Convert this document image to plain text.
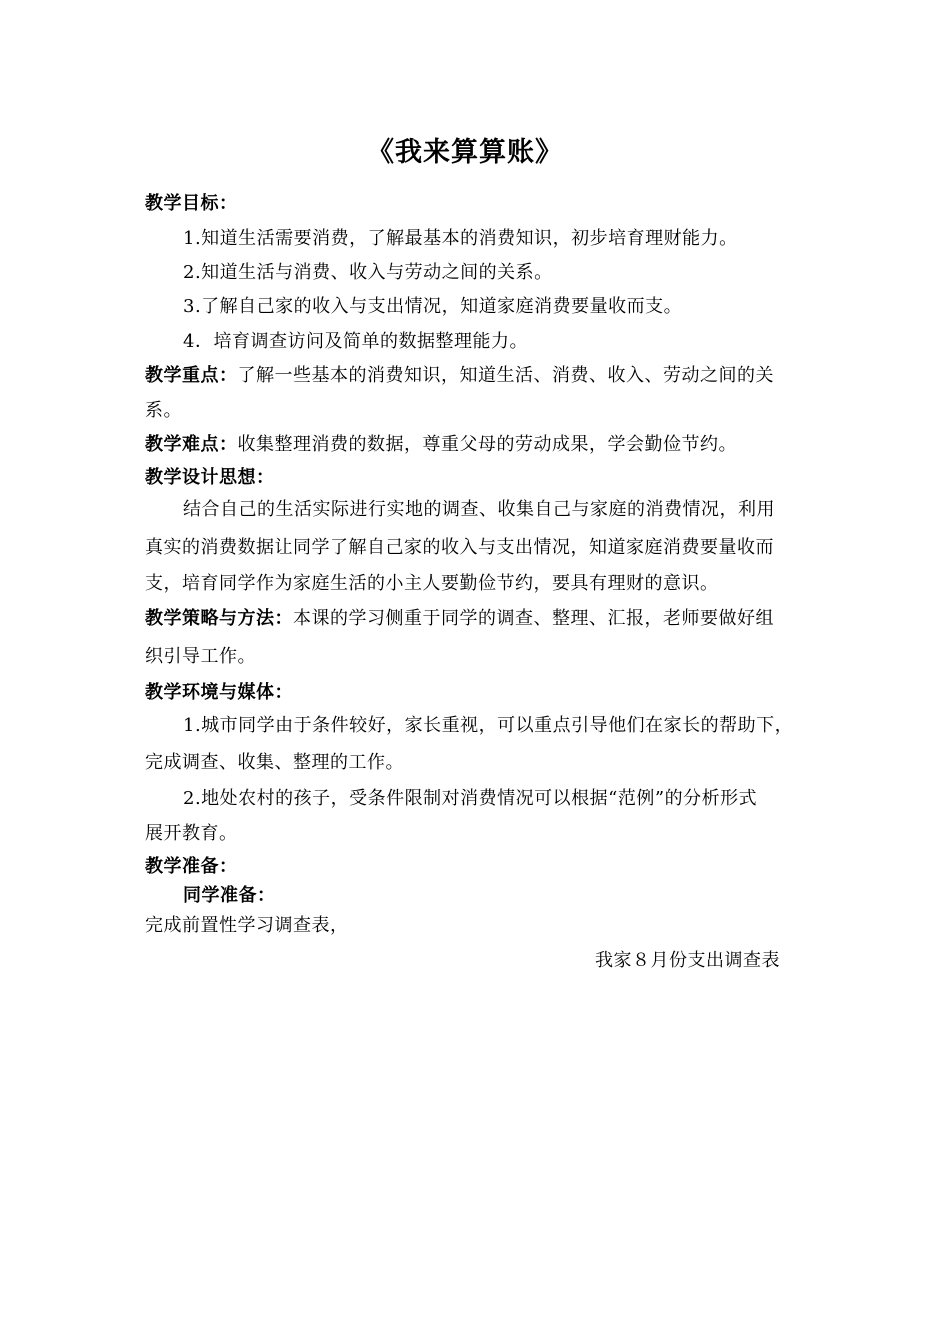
《我来算算账》
教学目标：
1.知道生活需要消费，了解最基本的消费知识，初步培育理财能力。
2.知道生活与消费、收入与劳动之间的关系。
3.了解自己家的收入与支出情况，知道家庭消费要量收而支。
4．培育调查访问及简单的数据整理能力。
教学重点：了解一些基本的消费知识，知道生活、消费、收入、劳动之间的关
系。
教学难点：收集整理消费的数据，尊重父母的劳动成果，学会勤俭节约。
教学设计思想：
结合自己的生活实际进行实地的调查、收集自己与家庭的消费情况，利用
真实的消费数据让同学了解自己家的收入与支出情况，知道家庭消费要量收而
支，培育同学作为家庭生活的小主人要勤俭节约，要具有理财的意识。
教学策略与方法：本课的学习侧重于同学的调查、整理、汇报，老师要做好组
织引导工作。
教学环境与媒体：
1.城市同学由于条件较好，家长重视，可以重点引导他们在家长的帮助下，
完成调查、收集、整理的工作。
2.地处农村的孩子，受条件限制对消费情况可以根据“范例”的分析形式
展开教育。
教学准备：
同学准备：
完成前置性学习调查表，
我家８月份支出调查表
